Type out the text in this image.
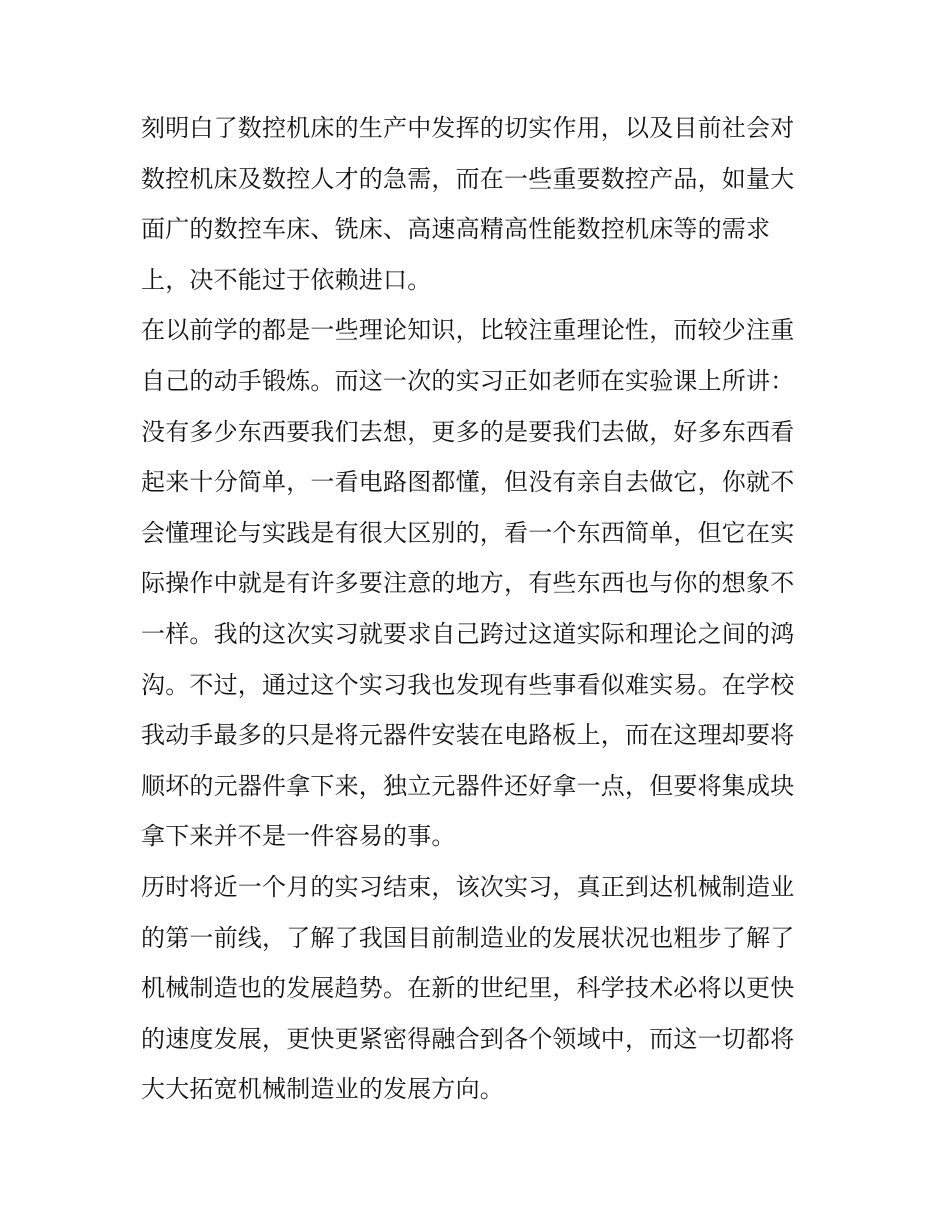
刻明白了数控机床的生产中发挥的切实作用，以及目前社会对
数控机床及数控人才的急需，而在一些重要数控产品，如量大
面广的数控车床、铣床、高速高精高性能数控机床等的需求
上，决不能过于依赖进口。
在以前学的都是一些理论知识，比较注重理论性，而较少注重
自己的动手锻炼。而这一次的实习正如老师在实验课上所讲：
没有多少东西要我们去想，更多的是要我们去做，好多东西看
起来十分简单，一看电路图都懂，但没有亲自去做它，你就不
会懂理论与实践是有很大区别的，看一个东西简单，但它在实
际操作中就是有许多要注意的地方，有些东西也与你的想象不
一样。我的这次实习就要求自己跨过这道实际和理论之间的鸿
沟。不过，通过这个实习我也发现有些事看似难实易。在学校
我动手最多的只是将元器件安装在电路板上，而在这理却要将
顺坏的元器件拿下来，独立元器件还好拿一点，但要将集成块
拿下来并不是一件容易的事。
历时将近一个月的实习结束，该次实习，真正到达机械制造业
的第一前线，了解了我国目前制造业的发展状况也粗步了解了
机械制造也的发展趋势。在新的世纪里，科学技术必将以更快
的速度发展，更快更紧密得融合到各个领域中，而这一切都将
大大拓宽机械制造业的发展方向。
